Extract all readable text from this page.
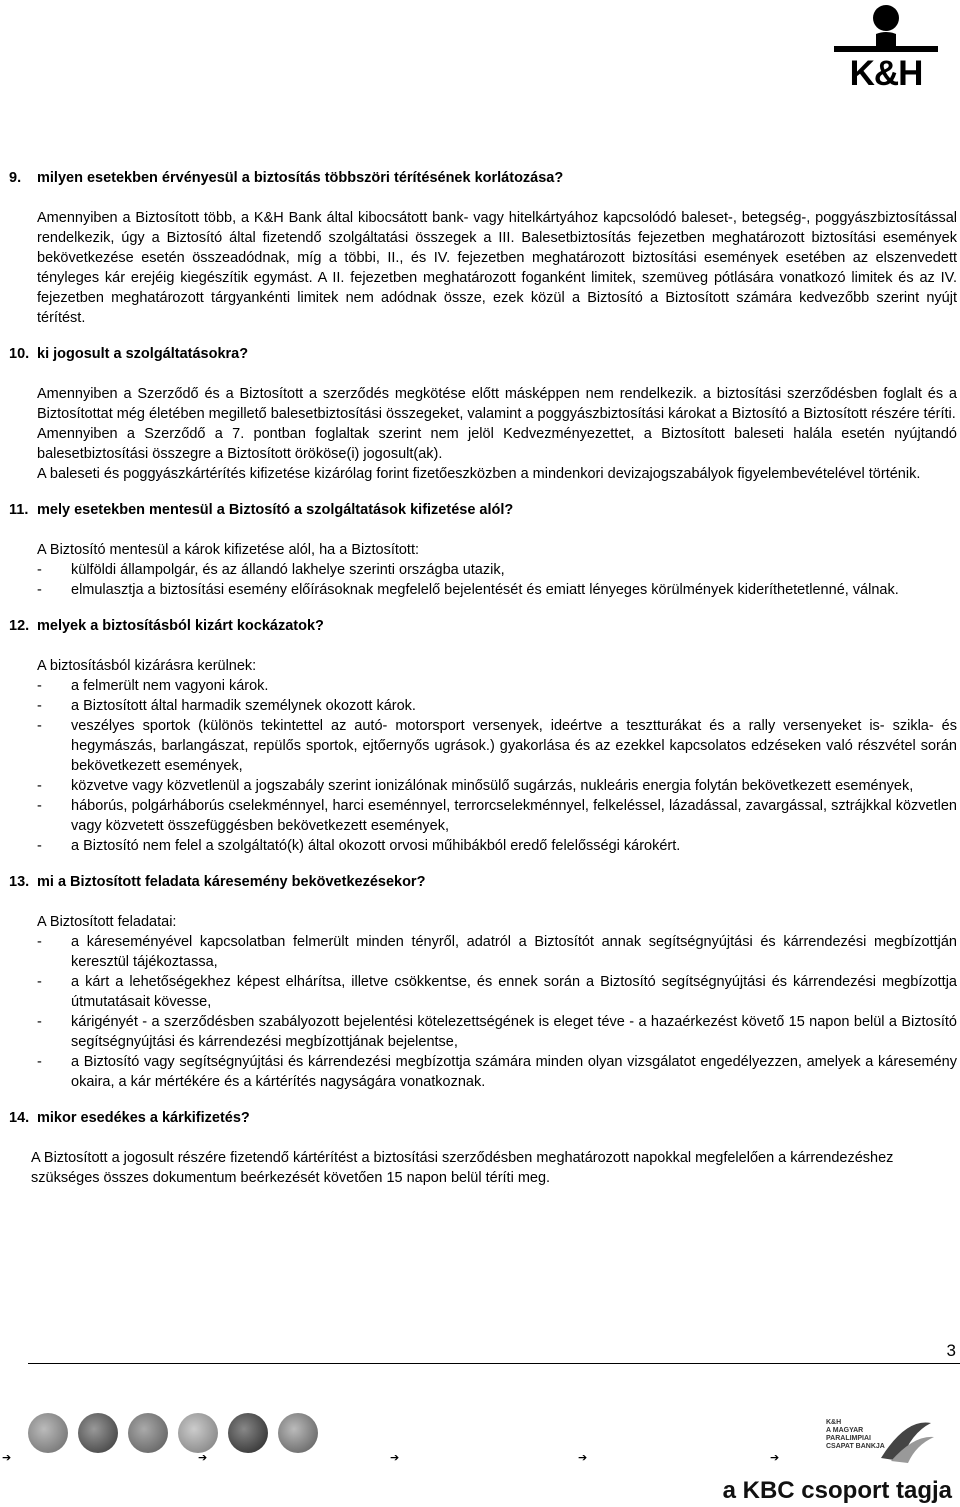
K&H
9.	milyen esetekben érvényesül a biztosítás többszöri térítésének korlátozása?
Amennyiben a Biztosított több, a K&H Bank által kibocsátott bank- vagy hitelkártyához kapcsolódó baleset-, betegség-, poggyászbiztosítással rendelkezik, úgy a Biztosító által fizetendő szolgáltatási összegek a III. Balesetbiztosítás fejezetben meghatározott biztosítási események bekövetkezése esetén összeadódnak, míg a többi, II., és IV. fejezetben meghatározott biztosítási események esetében az elszenvedett tényleges kár erejéig kiegészítik egymást. A II. fejezetben meghatározott foganként limitek, szemüveg pótlására vonatkozó limitek és az IV. fejezetben meghatározott tárgyankénti limitek nem adódnak össze, ezek közül a Biztosító a Biztosított számára kedvezőbb szerint nyújt térítést.
10. ki jogosult a szolgáltatásokra?
Amennyiben a Szerződő és a Biztosított a szerződés megkötése előtt másképpen nem rendelkezik. a biztosítási szerződésben foglalt és a Biztosítottat még életében megillető balesetbiztosítási összegeket, valamint a poggyászbiztosítási károkat a Biztosító a Biztosított részére téríti.
Amennyiben a Szerződő a 7. pontban foglaltak szerint nem jelöl Kedvezményezettet, a Biztosított baleseti halála esetén nyújtandó balesetbiztosítási összegre a Biztosított örököse(i) jogosult(ak).
A baleseti és poggyászkártérítés kifizetése kizárólag forint fizetőeszközben a mindenkori devizajogszabályok figyelembevételével történik.
11. mely esetekben mentesül a Biztosító a szolgáltatások kifizetése alól?
A Biztosító mentesül a károk kifizetése alól, ha a Biztosított:
-	külföldi állampolgár, és az állandó lakhelye szerinti országba utazik,
-	elmulasztja a biztosítási esemény előírásoknak megfelelő bejelentését és emiatt lényeges körülmények kideríthetetlenné, válnak.
12. melyek a biztosításból kizárt kockázatok?
A biztosításból kizárásra kerülnek:
-	a felmerült nem vagyoni károk.
-	a Biztosított által harmadik személynek okozott károk.
-	veszélyes sportok (különös tekintettel az autó- motorsport versenyek, ideértve a tesztturákat és a rally versenyeket is- szikla- és hegymászás, barlangászat, repülős sportok, ejtőernyős ugrások.) gyakorlása és az ezekkel kapcsolatos edzéseken való részvétel során bekövetkezett események,
-	közvetve vagy közvetlenül a jogszabály szerint ionizálónak minősülő sugárzás, nukleáris energia folytán bekövetkezett események,
-	háborús, polgárháborús cselekménnyel, harci eseménnyel, terrorcselekménnyel, felkeléssel, lázadással, zavargással, sztrájkkal közvetlen vagy közvetett összefüggésben bekövetkezett események,
-	a Biztosító nem felel a szolgáltató(k) által okozott orvosi műhibákból eredő felelősségi károkért.
13. mi a Biztosított feladata káresemény bekövetkezésekor?
A Biztosított feladatai:
-	a káreseményével kapcsolatban felmerült minden tényről, adatról a Biztosítót annak segítségnyújtási és kárrendezési megbízottján keresztül tájékoztassa,
-	a kárt a lehetőségekhez képest elhárítsa, illetve csökkentse, és ennek során a Biztosító segítségnyújtási és kárrendezési megbízottja útmutatásait kövesse,
-	kárigényét - a szerződésben szabályozott bejelentési kötelezettségének is eleget téve - a hazaérkezést követő 15 napon belül a Biztosító segítségnyújtási és kárrendezési megbízottjának bejelentse,
-	a Biztosító vagy segítségnyújtási és kárrendezési megbízottja számára minden olyan vizsgálatot engedélyezzen, amelyek a káresemény okaira, a kár mértékére és a kártérítés nagyságára vonatkoznak.
14. mikor esedékes a kárkifizetés?
A Biztosított a jogosult részére fizetendő kártérítést a biztosítási szerződésben meghatározott napokkal megfelelően a kárrendezéshez szükséges összes dokumentum beérkezését követően 15 napon belül téríti meg.
3
➔	➔	➔	➔	➔
K&H
A MAGYAR
PARALIMPIAI
CSAPAT BANKJA
a KBC csoport tagja
